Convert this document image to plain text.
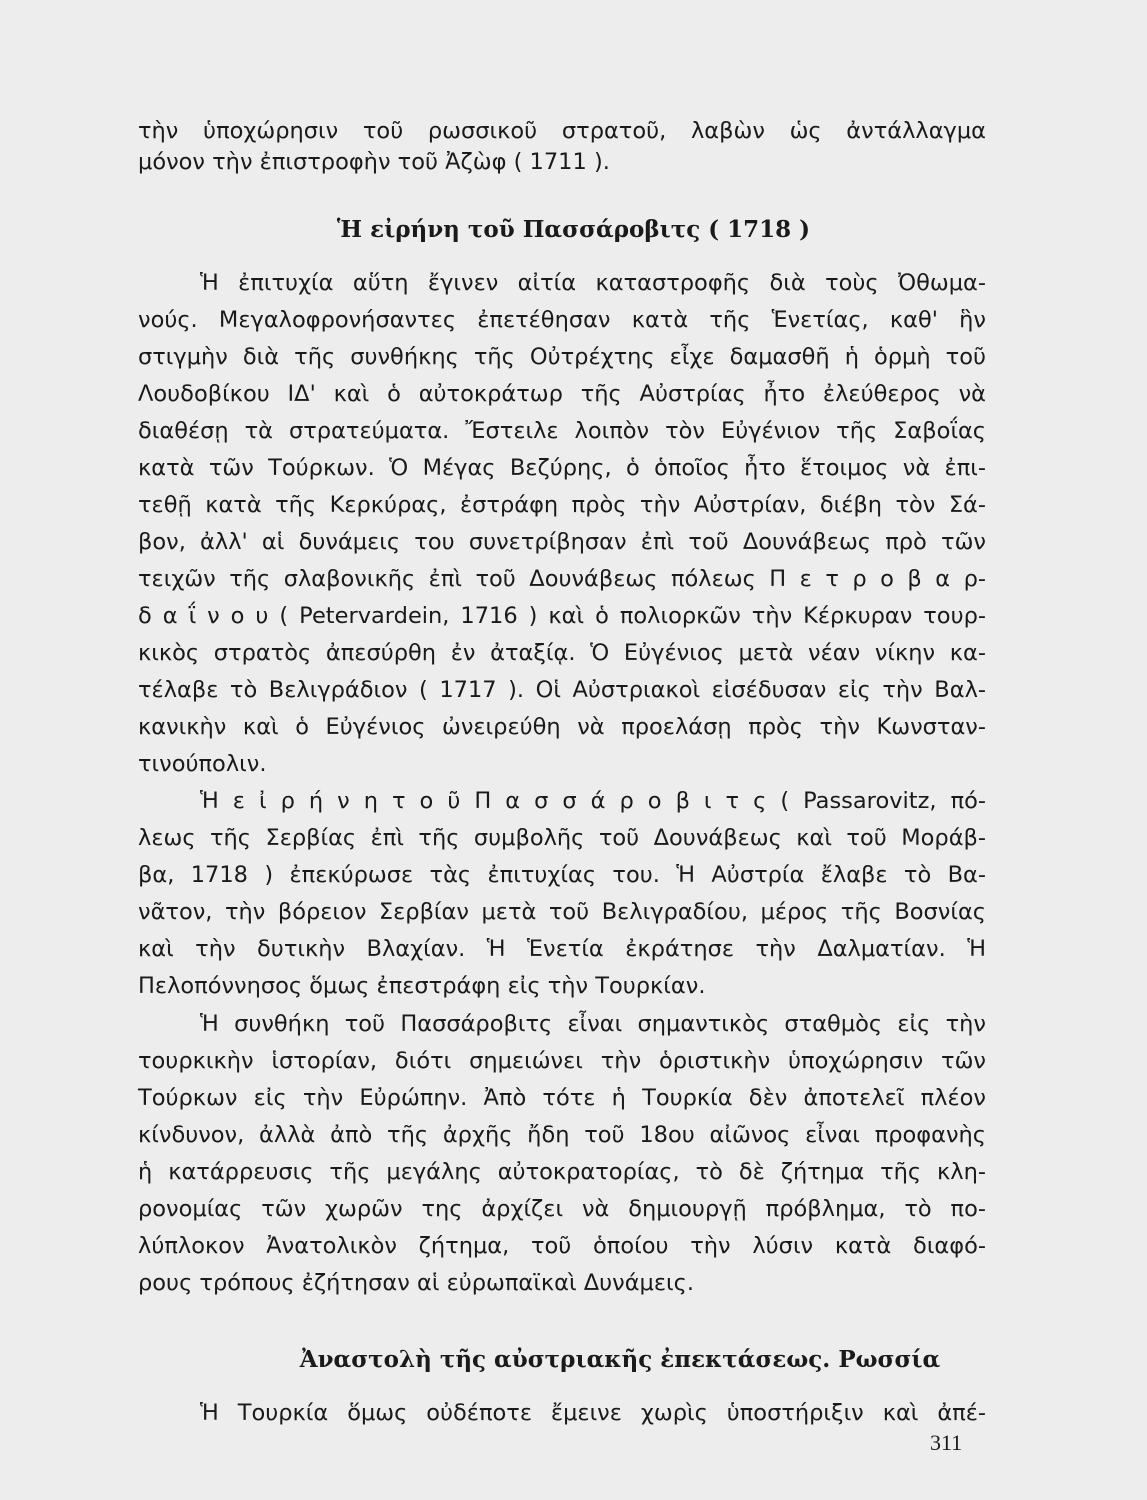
τὴν ὑποχώρησιν τοῦ ρωσσικοῦ στρατοῦ, λαβὼν ὡς ἀντάλλαγμα
μόνον τὴν ἐπιστροφὴν τοῦ Ἀζὼφ ( 1711 ).
Ἡ εἰρήνη τοῦ Πασσάροβιτς ( 1718 )
Ἡ ἐπιτυχία αὕτη ἔγινεν αἰτία καταστροφῆς διὰ τοὺς Ὀθωμα-
νούς. Μεγαλοφρονήσαντες ἐπετέθησαν κατὰ τῆς Ἑνετίας, καθ' ἣν
στιγμὴν διὰ τῆς συνθήκης τῆς Οὐτρέχτης εἶχε δαμασθῆ ἡ ὁρμὴ τοῦ
Λουδοβίκου ΙΔ' καὶ ὁ αὐτοκράτωρ τῆς Αὐστρίας ἦτο ἐλεύθερος νὰ
διαθέσῃ τὰ στρατεύματα. Ἔστειλε λοιπὸν τὸν Εὐγένιον τῆς Σαβοΐας
κατὰ τῶν Τούρκων. Ὁ Μέγας Βεζύρης, ὁ ὁποῖος ἦτο ἕτοιμος νὰ ἐπι-
τεθῇ κατὰ τῆς Κερκύρας, ἐστράφη πρὸς τὴν Αὐστρίαν, διέβη τὸν Σά-
βον, ἀλλ' αἱ δυνάμεις του συνετρίβησαν ἐπὶ τοῦ Δουνάβεως πρὸ τῶν
τειχῶν τῆς σλαβονικῆς ἐπὶ τοῦ Δουνάβεως πόλεως Π ε τ ρ ο β α ρ-
δ α ΐ ν ο υ ( Petervardein, 1716 ) καὶ ὁ πολιορκῶν τὴν Κέρκυραν τουρ-
κικὸς στρατὸς ἀπεσύρθη ἐν ἀταξίᾳ. Ὁ Εὐγένιος μετὰ νέαν νίκην κα-
τέλαβε τὸ Βελιγράδιον ( 1717 ). Οἱ Αὐστριακοὶ εἰσέδυσαν εἰς τὴν Βαλ-
κανικὴν καὶ ὁ Εὐγένιος ὠνειρεύθη νὰ προελάσῃ πρὸς τὴν Κωνσταν-
τινούπολιν.
Ἡ ε ἰ ρ ή ν η τ ο ῦ Π α σ σ ά ρ ο β ι τ ς ( Passarovitz, πό-
λεως τῆς Σερβίας ἐπὶ τῆς συμβολῆς τοῦ Δουνάβεως καὶ τοῦ Μοράβ-
βα, 1718 ) ἐπεκύρωσε τὰς ἐπιτυχίας του. Ἡ Αὐστρία ἔλαβε τὸ Βα-
νᾶτον, τὴν βόρειον Σερβίαν μετὰ τοῦ Βελιγραδίου, μέρος τῆς Βοσνίας
καὶ τὴν δυτικὴν Βλαχίαν. Ἡ Ἑνετία ἐκράτησε τὴν Δαλματίαν. Ἡ
Πελοπόννησος ὅμως ἐπεστράφη εἰς τὴν Τουρκίαν.
Ἡ συνθήκη τοῦ Πασσάροβιτς εἶναι σημαντικὸς σταθμὸς εἰς τὴν
τουρκικὴν ἱστορίαν, διότι σημειώνει τὴν ὁριστικὴν ὑποχώρησιν τῶν
Τούρκων εἰς τὴν Εὐρώπην. Ἀπὸ τότε ἡ Τουρκία δὲν ἀποτελεῖ πλέον
κίνδυνον, ἀλλὰ ἀπὸ τῆς ἀρχῆς ἤδη τοῦ 18ου αἰῶνος εἶναι προφανὴς
ἡ κατάρρευσις τῆς μεγάλης αὐτοκρατορίας, τὸ δὲ ζήτημα τῆς κλη-
ρονομίας τῶν χωρῶν της ἀρχίζει νὰ δημιουργῇ πρόβλημα, τὸ πο-
λύπλοκον Ἀνατολικὸν ζήτημα, τοῦ ὁποίου τὴν λύσιν κατὰ διαφό-
ρους τρόπους ἐζήτησαν αἱ εὐρωπαϊκαὶ Δυνάμεις.
Ἀναστολὴ τῆς αὐστριακῆς ἐπεκτάσεως. Ρωσσία
Ἡ Τουρκία ὅμως οὐδέποτε ἔμεινε χωρὶς ὑποστήριξιν καὶ ἀπέ-
311
